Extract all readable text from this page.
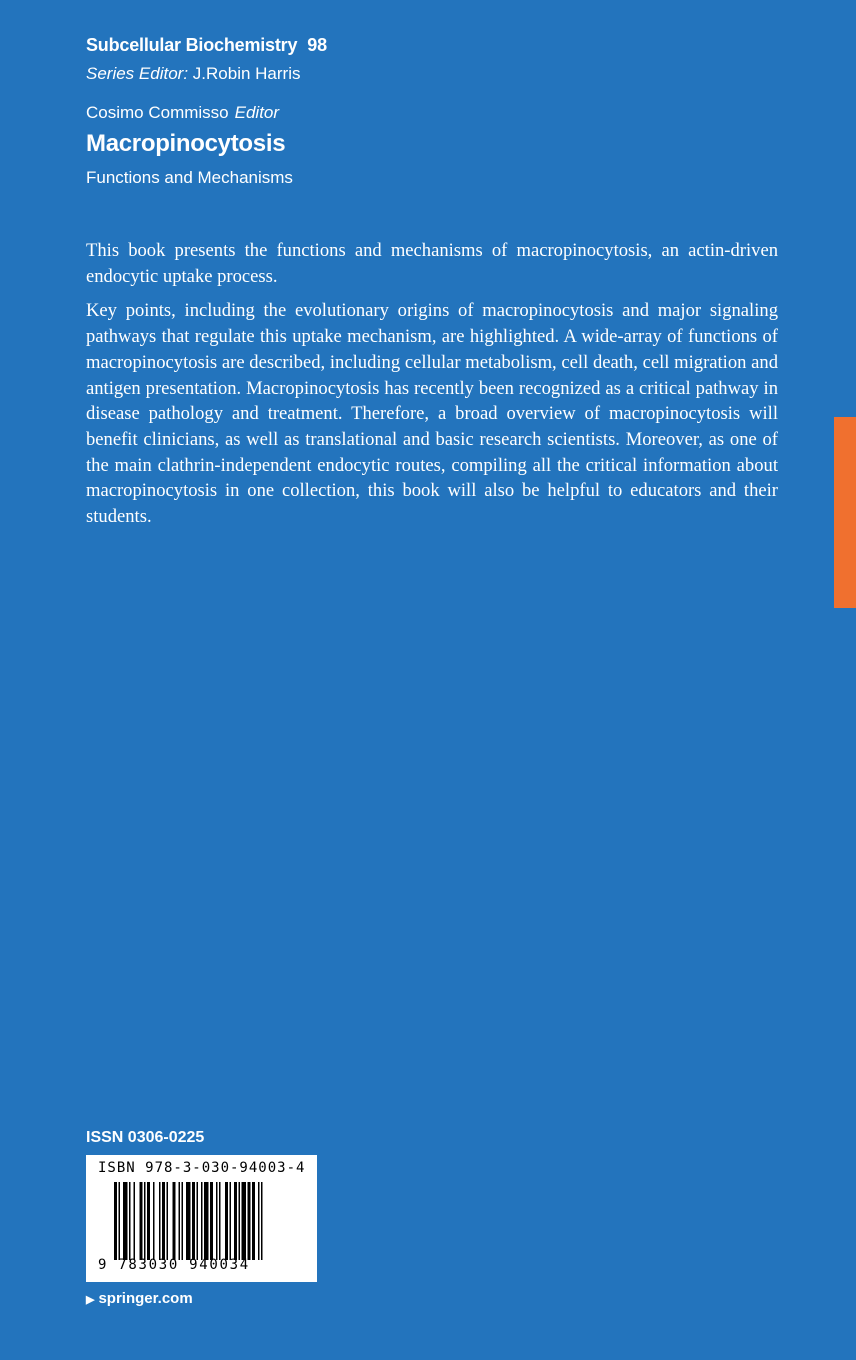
Subcellular Biochemistry 98
Series Editor: J.Robin Harris
Cosimo Commisso Editor
Macropinocytosis
Functions and Mechanisms

This book presents the functions and mechanisms of macropinocytosis, an actin-driven endocytic uptake process.

Key points, including the evolutionary origins of macropinocytosis and major signaling pathways that regulate this uptake mechanism, are highlighted. A wide-array of functions of macropinocytosis are described, including cellular metabolism, cell death, cell migration and antigen presentation. Macropinocytosis has recently been recognized as a critical pathway in disease pathology and treatment. Therefore, a broad overview of macropinocytosis will benefit clinicians, as well as translational and basic research scientists. Moreover, as one of the main clathrin-independent endocytic routes, compiling all the critical information about macropinocytosis in one collection, this book will also be helpful to educators and their students.

ISSN 0306-0225
ISBN 978-3-030-94003-4
9 783030 940034
▶ springer.com
